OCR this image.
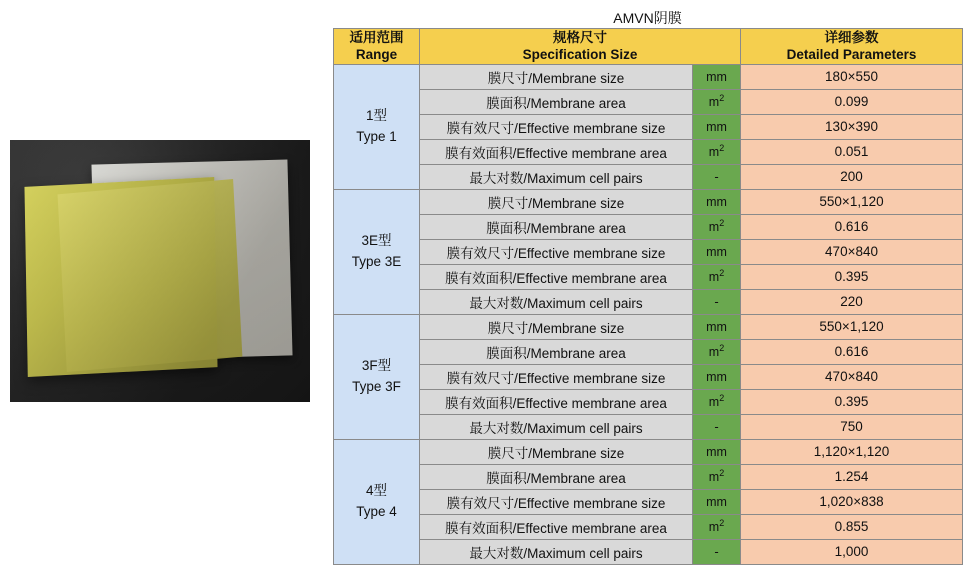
AMVN阴膜
适用范围
Range	规格尺寸
Specification Size		详细参数
Detailed Parameters

1型
Type 1	膜尺寸/Membrane size	mm	180×550
	膜面积/Membrane area	$m^2$	0.099
	膜有效尺寸/Effective membrane size	mm	130×390
	膜有效面积/Effective membrane area	$m^2$	0.051
	最大对数/Maximum cell pairs	-	200

3E型
Type 3E	膜尺寸/Membrane size	mm	550×1,120
	膜面积/Membrane area	$m^2$	0.616
	膜有效尺寸/Effective membrane size	mm	470×840
	膜有效面积/Effective membrane area	$m^2$	0.395
	最大对数/Maximum cell pairs	-	220

3F型
Type 3F	膜尺寸/Membrane size	mm	550×1,120
	膜面积/Membrane area	$m^2$	0.616
	膜有效尺寸/Effective membrane size	mm	470×840
	膜有效面积/Effective membrane area	$m^2$	0.395
	最大对数/Maximum cell pairs	-	750

4型
Type 4	膜尺寸/Membrane size	mm	1,120×1,120
	膜面积/Membrane area	$m^2$	1.254
	膜有效尺寸/Effective membrane size	mm	1,020×838
	膜有效面积/Effective membrane area	$m^2$	0.855
	最大对数/Maximum cell pairs	-	1,000
